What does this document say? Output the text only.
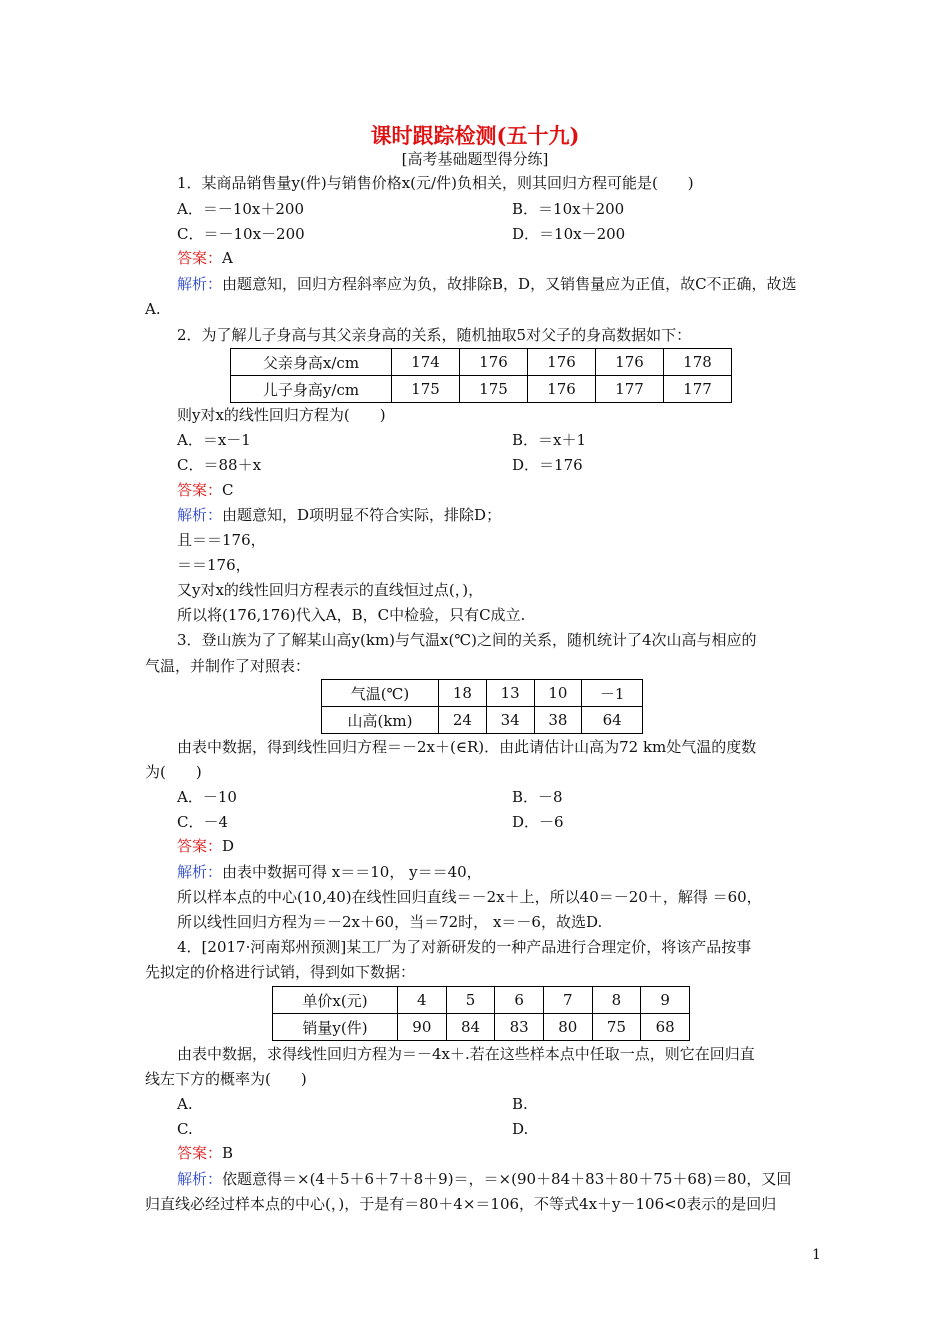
课时跟踪检测(五十九)
[高考基础题型得分练]
1．某商品销售量y(件)与销售价格x(元/件)负相关，则其回归方程可能是(　　)
A．＝－10x＋200	B．＝10x＋200
C．＝－10x－200	D．＝10x－200
答案：A
解析：由题意知，回归方程斜率应为负，故排除B，D，又销售量应为正值，故C不正确，故选
A.
2．为了解儿子身高与其父亲身高的关系，随机抽取5对父子的身高数据如下：
父亲身高x/cm	174	176	176	176	178
儿子身高y/cm	175	175	176	177	177
则y对x的线性回归方程为(　　)
A．＝x－1	B．＝x＋1
C．＝88＋x	D．＝176
答案：C
解析：由题意知，D项明显不符合实际，排除D；
且＝＝176，
＝＝176，
又y对x的线性回归方程表示的直线恒过点(，)，
所以将(176,176)代入A，B，C中检验，只有C成立.
3．登山族为了了解某山高y(km)与气温x(℃)之间的关系，随机统计了4次山高与相应的
气温，并制作了对照表：
气温(℃)	18	13	10	－1
山高(km)	24	34	38	64
由表中数据，得到线性回归方程＝－2x＋(∈R)．由此请估计山高为72 km处气温的度数
为(　　)
A．－10	B．－8
C．－4	D．－6
答案：D
解析：由表中数据可得 x＝＝10， y＝＝40，
所以样本点的中心(10,40)在线性回归直线＝－2x＋上，所以40＝－20＋，解得 ＝60，
所以线性回归方程为＝－2x＋60，当＝72时， x＝－6，故选D.
4．[2017·河南郑州预测]某工厂为了对新研发的一种产品进行合理定价，将该产品按事
先拟定的价格进行试销，得到如下数据：
单价x(元)	4	5	6	7	8	9
销量y(件)	90	84	83	80	75	68
由表中数据，求得线性回归方程为＝－4x＋.若在这些样本点中任取一点，则它在回归直
线左下方的概率为(　　)
A.	B.
C.	D.
答案：B
解析：依题意得＝×(4＋5＋6＋7＋8＋9)＝，＝×(90＋84＋83＋80＋75＋68)＝80，又回
归直线必经过样本点的中心(，)，于是有＝80＋4×＝106，不等式4x＋y－106<0表示的是回归
1
